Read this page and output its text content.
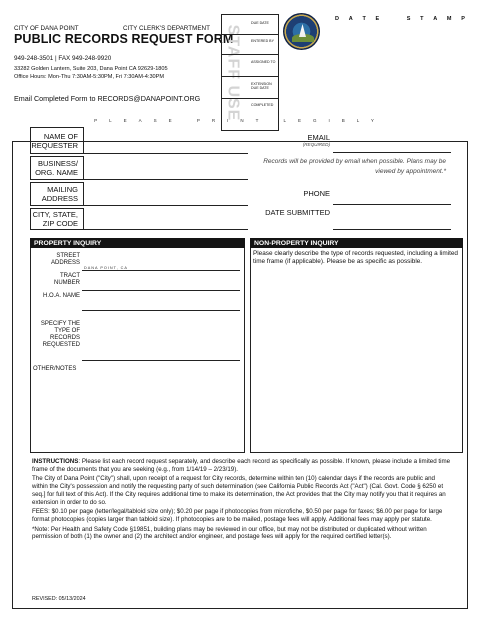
CITY OF DANA POINT	CITY CLERK'S DEPARTMENT
PUBLIC RECORDS REQUEST FORM
949-248-3501 | FAX 949-248-9920
33282 Golden Lantern, Suite 203, Dana Point CA 92629-1805
Office Hours: Mon-Thu 7:30AM-5:30PM, Fri 7:30AM-4:30PM
Email Completed Form to RECORDS@DANAPOINT.ORG STAFF USE
DUE DATE
ENTERED BY
ASSIGNED TO
EXTENSION DUE DATE
COMPLETED
D A T E	S T A M P
PLEASE PRINT LEGIBLY
NAME OF REQUESTER
BUSINESS/ ORG. NAME
MAILING ADDRESS
CITY, STATE, ZIP CODE
EMAIL
(REQUIRED)
Records will be provided by email when possible. Plans may be viewed by appointment.*
PHONE
DATE SUBMITTED
PROPERTY INQUIRY
STREET ADDRESS
DANA POINT, CA
TRACT NUMBER
H.O.A. NAME
SPECIFY THE TYPE OF RECORDS REQUESTED
OTHER/NOTES
NON-PROPERTY INQUIRY
Please clearly describe the type of records requested, including a limited time frame (if applicable). Please be as specific as possible.

INSTRUCTIONS: Please list each record request separately, and describe each record as specifically as possible. If known, please include a limited time frame of the documents that you are seeking (e.g., from 1/14/19 – 2/23/19).

The City of Dana Point ("City") shall, upon receipt of a request for City records, determine within ten (10) calendar days if the records are public and within the City's possession and notify the requesting party of such determination (see California Public Records Act ("Act") (Cal. Govt. Code § 6250 et seq.] for full text of this Act). If the City requires additional time to make its determination, the Act provides that the City may notify you that it requires an extension in order to do so.

FEES: $0.10 per page (letter/legal/tabloid size only); $0.20 per page if photocopies from microfiche, $0.50 per page for faxes; $6.00 per page for large format photocopies (copies larger than tabloid size). If photocopies are to be mailed, postage fees will apply. Additional fees may apply per statute.

*Note: Per Health and Safety Code §19851, building plans may be reviewed in our office, but may not be distributed or duplicated without written permission of both (1) the owner and (2) the architect and/or engineer, and postage fees will apply for the required certified letter(s).

REVISED: 05/13/2024
